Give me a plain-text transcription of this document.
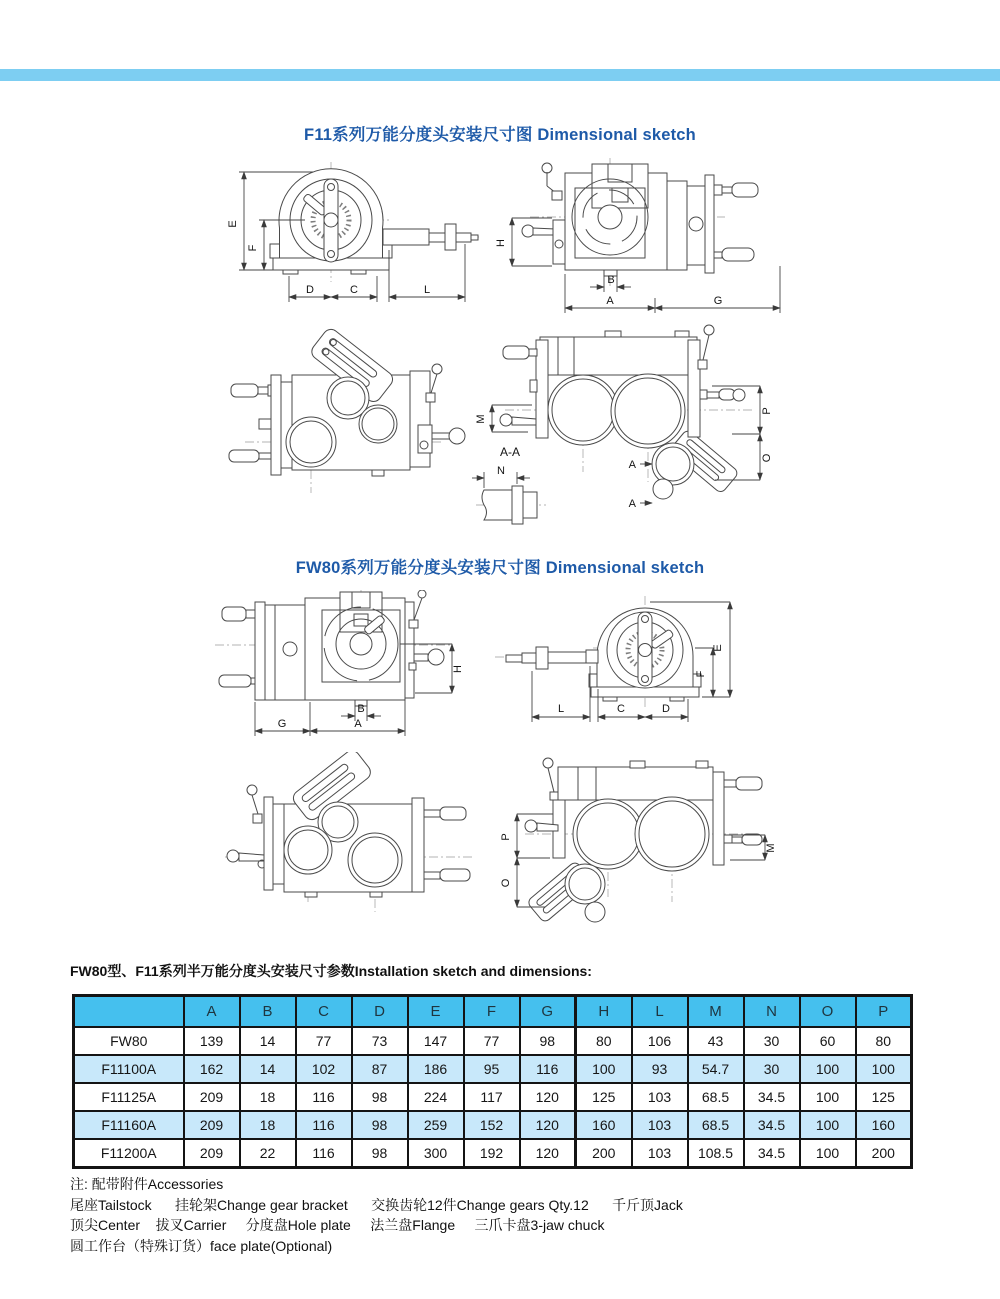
F11系列万能分度头安装尺寸图 Dimensional sketch
E
F
D	C	L
H
B
A	G
M
P
O
A
A
A-A
N
FW80系列万能分度头安装尺寸图 Dimensional sketch
H
B
G	A
E
F
L	C	D
P
O
M
FW80型、F11系列半万能分度头安装尺寸参数Installation sketch and dimensions:
	A	B	C	D	E	F	G	H	L	M	N	O	P
FW80	139	14	77	73	147	77	98	80	106	43	30	60	80
F11100A	162	14	102	87	186	95	116	100	93	54.7	30	100	100
F11125A	209	18	116	98	224	117	120	125	103	68.5	34.5	100	125
F11160A	209	18	116	98	259	152	120	160	103	68.5	34.5	100	160
F11200A	209	22	116	98	300	192	120	200	103	108.5	34.5	100	200
注: 配带附件Accessories
尾座Tailstock      挂轮架Change gear bracket      交换齿轮12件Change gears Qty.12      千斤顶Jack
顶尖Center    拔叉Carrier     分度盘Hole plate     法兰盘Flange     三爪卡盘3-jaw chuck
圆工作台（特殊订货）face plate(Optional)
